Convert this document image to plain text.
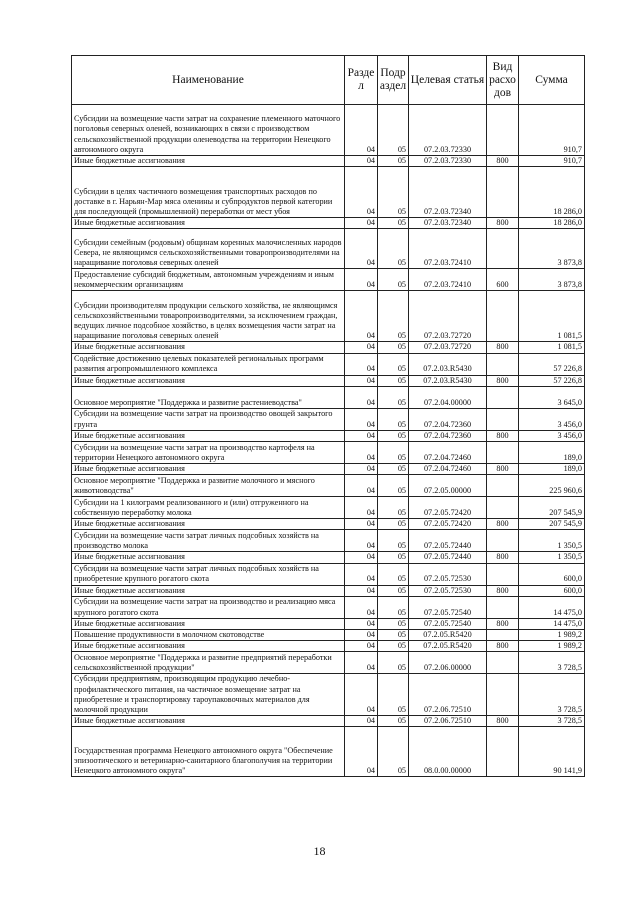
Наименование	Разде л	Подр аздел	Целевая статья	Вид расхо дов	Сумма
Субсидии на возмещение части затрат на сохранение племенного маточного поголовья северных оленей, возникающих в связи с производством сельскохозяйственной продукции оленеводства на территории Ненецкого автономного округа	04	05	07.2.03.72330		910,7
Иные бюджетные ассигнования	04	05	07.2.03.72330	800	910,7
Субсидии в целях частичного возмещения транспортных расходов по доставке в г. Нарьян-Мар мяса оленины и субпродуктов первой категории для последующей (промышленной) переработки от мест убоя	04	05	07.2.03.72340		18 286,0
Иные бюджетные ассигнования	04	05	07.2.03.72340	800	18 286,0
Субсидии семейным (родовым) общинам коренных малочисленных народов Севера, не являющимся сельскохозяйственными товаропроизводителями на наращивание поголовья северных оленей	04	05	07.2.03.72410		3 873,8
Предоставление субсидий бюджетным, автономным учреждениям и иным некоммерческим организациям	04	05	07.2.03.72410	600	3 873,8
Субсидии производителям продукции сельского хозяйства, не являющимся сельскохозяйственными товаропроизводителями, за исключением граждан, ведущих личное подсобное хозяйство, в целях возмещения части затрат на наращивание поголовья северных оленей	04	05	07.2.03.72720		1 081,5
Иные бюджетные ассигнования	04	05	07.2.03.72720	800	1 081,5
Содействие достижению целевых показателей региональных программ развития агропромышленного комплекса	04	05	07.2.03.R5430		57 226,8
Иные бюджетные ассигнования	04	05	07.2.03.R5430	800	57 226,8
Основное мероприятие "Поддержка и развитие растениеводства"	04	05	07.2.04.00000		3 645,0
Субсидии на возмещение части затрат на производство овощей закрытого грунта	04	05	07.2.04.72360		3 456,0
Иные бюджетные ассигнования	04	05	07.2.04.72360	800	3 456,0
Субсидии на возмещение части затрат на производство картофеля на территории Ненецкого автономного округа	04	05	07.2.04.72460		189,0
Иные бюджетные ассигнования	04	05	07.2.04.72460	800	189,0
Основное мероприятие "Поддержка и развитие молочного и мясного животноводства"	04	05	07.2.05.00000		225 960,6
Субсидии на 1 килограмм реализованного и (или) отгруженного на собственную переработку молока	04	05	07.2.05.72420		207 545,9
Иные бюджетные ассигнования	04	05	07.2.05.72420	800	207 545,9
Субсидии на возмещение части затрат личных подсобных хозяйств на производство молока	04	05	07.2.05.72440		1 350,5
Иные бюджетные ассигнования	04	05	07.2.05.72440	800	1 350,5
Субсидии на возмещение части затрат личных подсобных хозяйств на приобретение крупного рогатого скота	04	05	07.2.05.72530		600,0
Иные бюджетные ассигнования	04	05	07.2.05.72530	800	600,0
Субсидии на возмещение части затрат на производство и реализацию мяса крупного рогатого скота	04	05	07.2.05.72540		14 475,0
Иные бюджетные ассигнования	04	05	07.2.05.72540	800	14 475,0
Повышение продуктивности в молочном скотоводстве	04	05	07.2.05.R5420		1 989,2
Иные бюджетные ассигнования	04	05	07.2.05.R5420	800	1 989,2
Основное мероприятие "Поддержка и развитие предприятий переработки сельскохозяйственной продукции"	04	05	07.2.06.00000		3 728,5
Субсидии предприятиям, производящим продукцию лечебно-профилактического питания, на частичное возмещение затрат на приобретение и транспортировку тароупаковочных материалов для молочной продукции	04	05	07.2.06.72510		3 728,5
Иные бюджетные ассигнования	04	05	07.2.06.72510	800	3 728,5
Государственная программа Ненецкого автономного округа "Обеспечение эпизоотического и ветеринарно-санитарного благополучия на территории Ненецкого автономного округа"	04	05	08.0.00.00000		90 141,9
18
